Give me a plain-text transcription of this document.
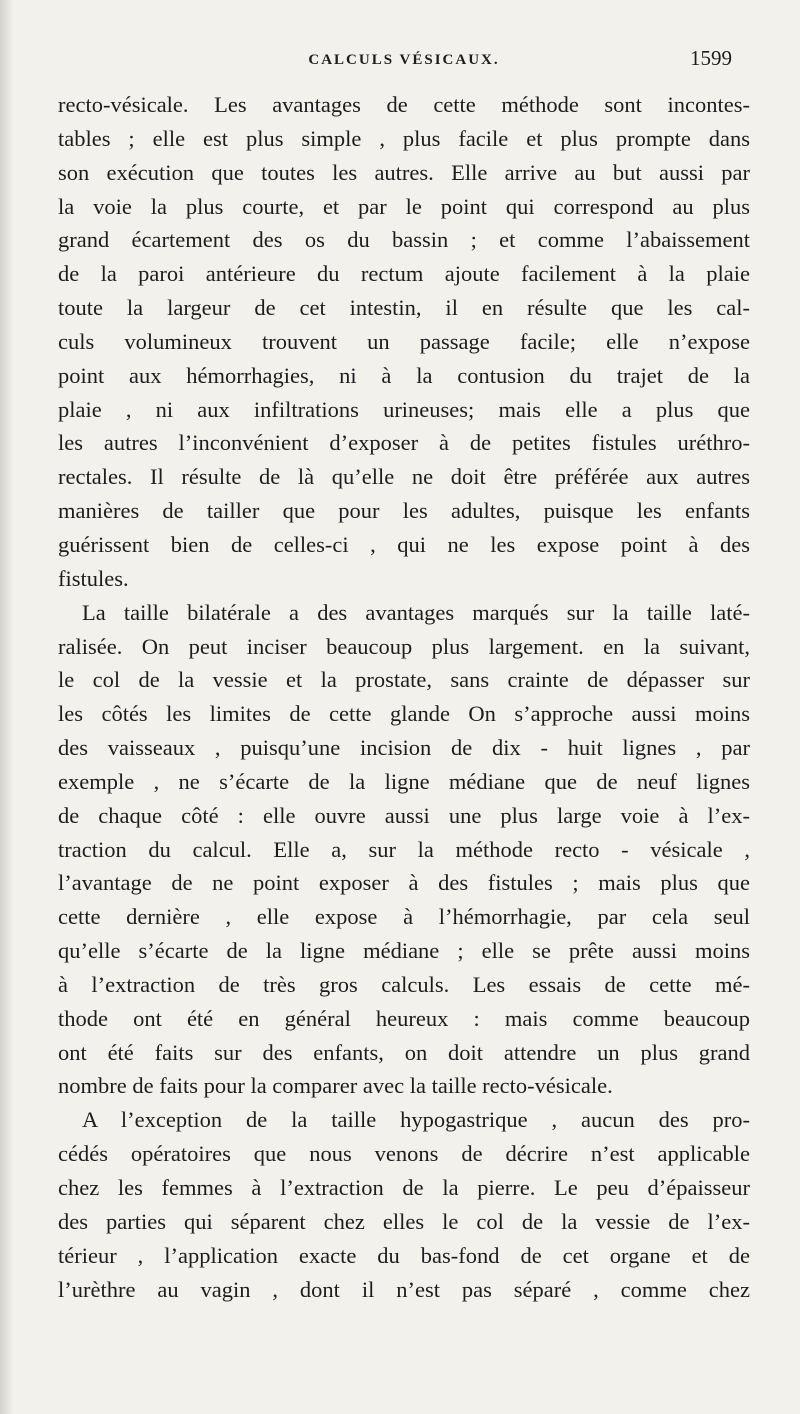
CALCULS VÉSICAUX.	1599
recto-vésicale. Les avantages de cette méthode sont incontes-
tables ; elle est plus simple , plus facile et plus prompte dans
son exécution que toutes les autres. Elle arrive au but aussi par
la voie la plus courte, et par le point qui correspond au plus
grand écartement des os du bassin ; et comme l’abaissement
de la paroi antérieure du rectum ajoute facilement à la plaie
toute la largeur de cet intestin, il en résulte que les cal-
culs volumineux trouvent un passage facile; elle n’expose
point aux hémorrhagies, ni à la contusion du trajet de la
plaie , ni aux infiltrations urineuses; mais elle a plus que
les autres l’inconvénient d’exposer à de petites fistules uréthro-
rectales. Il résulte de là qu’elle ne doit être préférée aux autres
manières de tailler que pour les adultes, puisque les enfants
guérissent bien de celles-ci , qui ne les expose point à des
fistules.
La taille bilatérale a des avantages marqués sur la taille laté-
ralisée. On peut inciser beaucoup plus largement. en la suivant,
le col de la vessie et la prostate, sans crainte de dépasser sur
les côtés les limites de cette glande On s’approche aussi moins
des vaisseaux , puisqu’une incision de dix - huit lignes , par
exemple , ne s’écarte de la ligne médiane que de neuf lignes
de chaque côté : elle ouvre aussi une plus large voie à l’ex-
traction du calcul. Elle a, sur la méthode recto - vésicale ,
l’avantage de ne point exposer à des fistules ; mais plus que
cette dernière , elle expose à l’hémorrhagie, par cela seul
qu’elle s’écarte de la ligne médiane ; elle se prête aussi moins
à l’extraction de très gros calculs. Les essais de cette mé-
thode ont été en général heureux : mais comme beaucoup
ont été faits sur des enfants, on doit attendre un plus grand
nombre de faits pour la comparer avec la taille recto-vésicale.
A l’exception de la taille hypogastrique , aucun des pro-
cédés opératoires que nous venons de décrire n’est applicable
chez les femmes à l’extraction de la pierre. Le peu d’épaisseur
des parties qui séparent chez elles le col de la vessie de l’ex-
térieur , l’application exacte du bas-fond de cet organe et de
l’urèthre au vagin , dont il n’est pas séparé , comme chez
